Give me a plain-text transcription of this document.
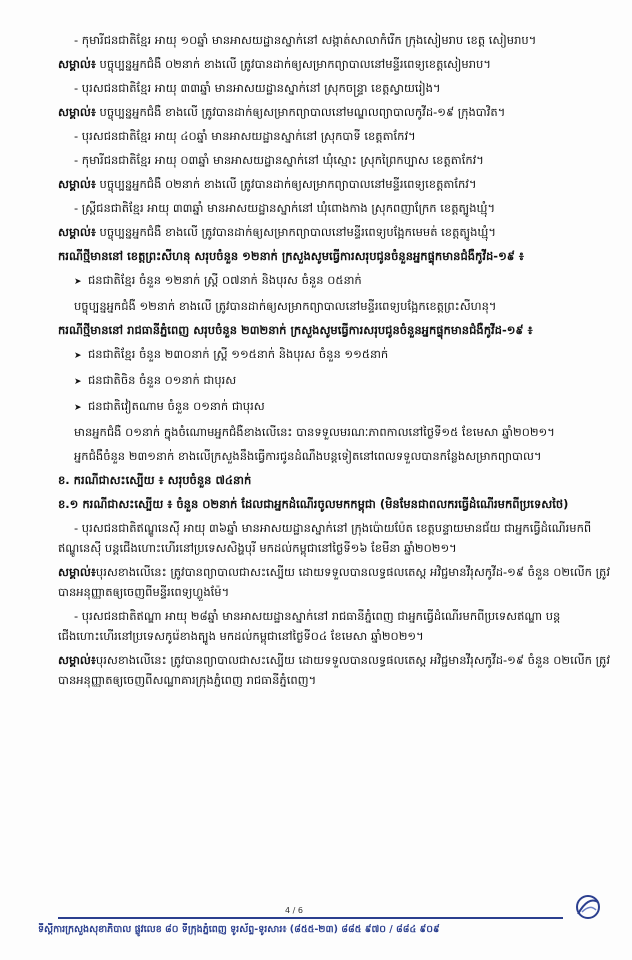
- កុមារីជនជាតិខ្មែរ អាយុ ១០ឆ្នាំ មានអាសយដ្ឋានស្នាក់នៅ សង្កាត់សាលាកំរើក ក្រុងសៀមរាប ខេត្ត សៀមរាប។

សម្គាល់៖ បច្ចុប្បន្នអ្នកជំងឺ ០២នាក់ ខាងលើ ត្រូវបានដាក់ឲ្យសម្រាកព្យាបាលនៅមន្ទីរពេទ្យខេត្តសៀមរាប។

- បុរសជនជាតិខ្មែរ អាយុ ៣៣ឆ្នាំ មានអាសយដ្ឋានស្នាក់នៅ ស្រុកចន្ទ្រា ខេត្តស្វាយរៀង។

សម្គាល់៖ បច្ចុប្បន្នអ្នកជំងឺ ខាងលើ ត្រូវបានដាក់ឲ្យសម្រាកព្យាបាលនៅមណ្ឌលព្យាបាលកូវីដ-១៩ ក្រុងបាវិត។

- បុរសជនជាតិខ្មែរ អាយុ ៤០ឆ្នាំ មានអាសយដ្ឋានស្នាក់នៅ ស្រុកបាទី ខេត្តតាកែវ។

- កុមារីជនជាតិខ្មែរ អាយុ ០៣ឆ្នាំ មានអាសយដ្ឋានស្នាក់នៅ ឃុំស្មោះ ស្រុកព្រៃកប្បាស ខេត្តតាកែវ។

សម្គាល់៖ បច្ចុប្បន្នអ្នកជំងឺ ០២នាក់ ខាងលើ ត្រូវបានដាក់ឲ្យសម្រាកព្យាបាលនៅមន្ទីរពេទ្យខេត្តតាកែវ។

- ស្ត្រីជនជាតិខ្មែរ អាយុ ៣៣ឆ្នាំ មានអាសយដ្ឋានស្នាក់នៅ ឃុំពោងកាង ស្រុកពញាក្រែក ខេត្តត្បូងឃ្មុំ។

សម្គាល់៖ បច្ចុប្បន្នអ្នកជំងឺ ខាងលើ ត្រូវបានដាក់ឲ្យសម្រាកព្យាបាលនៅមន្ទីរពេទ្យបង្អែកមេមត់ ខេត្តត្បូងឃ្មុំ។

ករណីថ្មីមាននៅ ខេត្តព្រះសីហនុ សរុបចំនួន ១២នាក់ ក្រសួងសូមធ្វើការសរុបជូនចំនួនអ្នកផ្ទុកមានជំងឺកូវីដ-១៩ ៖

➤ ជនជាតិខ្មែរ ចំនួន ១២នាក់ ស្ត្រី ០៧នាក់ និងបុរស ចំនួន ០៥នាក់

បច្ចុប្បន្នអ្នកជំងឺ ១២នាក់ ខាងលើ ត្រូវបានដាក់ឲ្យសម្រាកព្យាបាលនៅមន្ទីរពេទ្យបង្អែកខេត្តព្រះសីហនុ។

ករណីថ្មីមាននៅ រាជធានីភ្នំពេញ សរុបចំនួន ២៣២នាក់ ក្រសួងសូមធ្វើការសរុបជូនចំនួនអ្នកផ្ទុកមានជំងឺកូវីដ-១៩ ៖

➤ ជនជាតិខ្មែរ ចំនួន ២៣០នាក់ ស្ត្រី ១១៥នាក់ និងបុរស ចំនួន ១១៥នាក់

➤ ជនជាតិចិន ចំនួន ០១នាក់ ជាបុរស

➤ ជនជាតិវៀតណាម ចំនួន ០១នាក់ ជាបុរស

មានអ្នកជំងឺ ០១នាក់ ក្នុងចំណោមអ្នកជំងឺខាងលើនេះ បានទទួលមរណៈភាពកាលនៅថ្ងៃទី១៥ ខែមេសា ឆ្នាំ២០២១។

អ្នកជំងឺចំនួន ២៣១នាក់ ខាងលើក្រសួងនឹងធ្វើការជូនដំណឹងបន្តទៀតនៅពេលទទួលបានកន្លែងសម្រាកព្យាបាល។

ខ. ករណីជាសះស្បើយ ៖ សរុបចំនួន ៧៤នាក់

ខ.១ ករណីជាសះស្បើយ ៖ ចំនួន ០២នាក់ ដែលជាអ្នកដំណើរចូលមកកម្ពុជា (មិនមែនជាពលករធ្វើដំណើរមកពីប្រទេសថៃ)

- បុរសជនជាតិឥណ្ឌូនេស៊ី អាយុ ៣៦ឆ្នាំ មានអាសយដ្ឋានស្នាក់នៅ ក្រុងប៉ោយប៉ែត ខេត្តបន្ទាយមានជ័យ ជាអ្នកធ្វើដំណើរមកពីឥណ្ឌូនេស៊ី បន្តជើងហោះហើរនៅប្រទេសសិង្ហបុរី មកដល់កម្ពុជានៅថ្ងៃទី១៦ ខែមីនា ឆ្នាំ២០២១។

សម្គាល់៖បុរសខាងលើនេះ ត្រូវបានព្យាបាលជាសះស្បើយ ដោយទទួលបានលទ្ធផលតេស្ត អវិជ្ជមានវីរុសកូវីដ-១៩ ចំនួន ០២លើក ត្រូវបានអនុញ្ញាតឲ្យចេញពីមន្ទីរពេទ្យហ្លួងម៉ែ។

- បុរសជនជាតិឥណ្ឌា អាយុ ២៨ឆ្នាំ មានអាសយដ្ឋានស្នាក់នៅ រាជធានីភ្នំពេញ ជាអ្នកធ្វើដំណើរមកពីប្រទេសឥណ្ឌា បន្តជើងហោះហើរនៅប្រទេសកូរ៉េខាងត្បូង មកដល់កម្ពុជានៅថ្ងៃទី០៤ ខែមេសា ឆ្នាំ២០២១។

សម្គាល់៖បុរសខាងលើនេះ ត្រូវបានព្យាបាលជាសះស្បើយ ដោយទទួលបានលទ្ធផលតេស្ត អវិជ្ជមានវីរុសកូវីដ-១៩ ចំនួន ០២លើក ត្រូវបានអនុញ្ញាតឲ្យចេញពីសណ្ឋាគារក្រុងភ្នំពេញ រាជធានីភ្នំពេញ។

4 / 6
ទីស្តីការក្រសួងសុខាភិបាល ផ្លូវលេខ ៨០ ទីក្រុងភ្នំពេញ ទូរស័ព្ទ-ទូរសារ៖ (៨៥៥-២៣) ៨៨៥ ៩៧០ / ៨៨៤ ៩០៩
